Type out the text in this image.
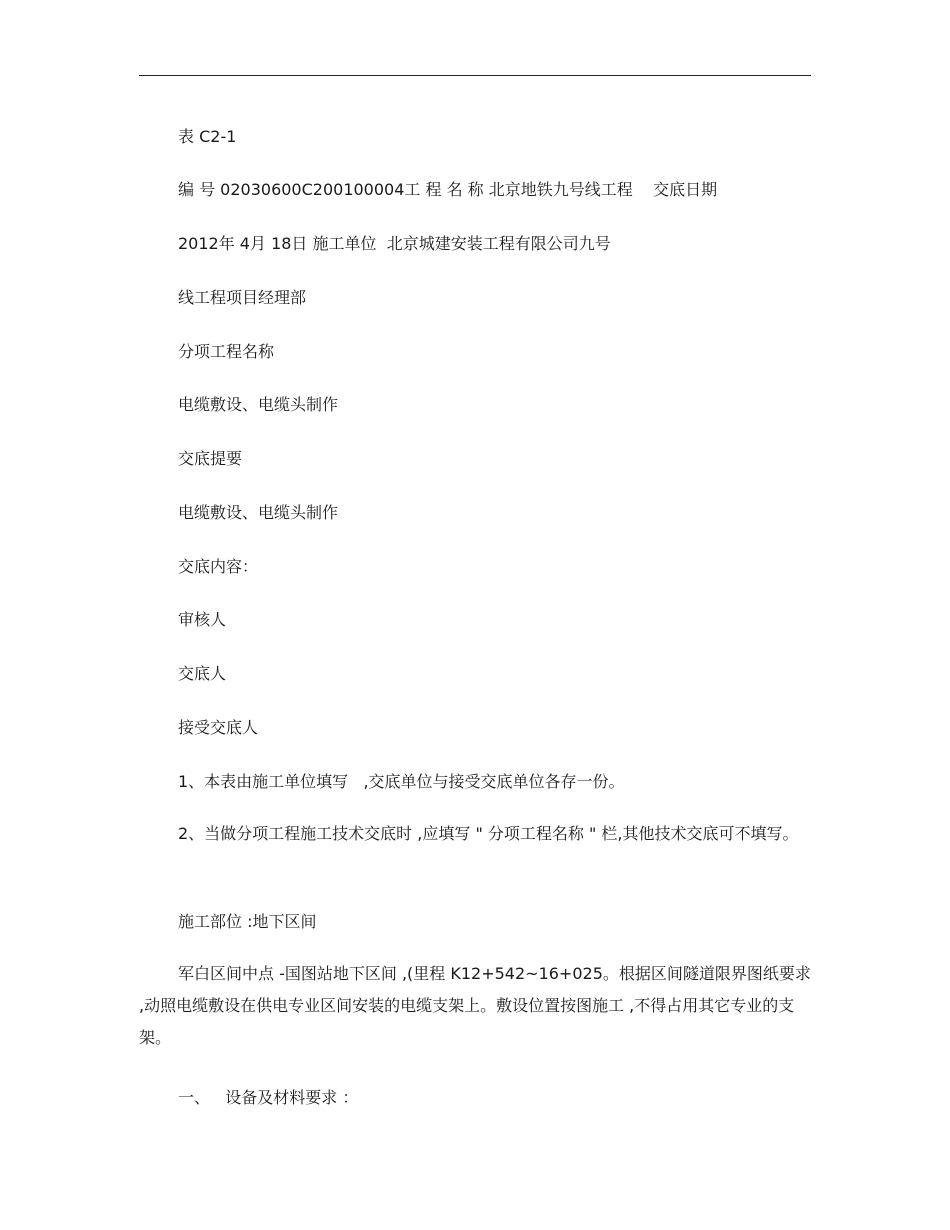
表 C2-1
编 号 02030600C200100004工 程 名 称 北京地铁九号线工程    交底日期
2012年 4月 18日 施工单位  北京城建安装工程有限公司九号
线工程项目经理部
分项工程名称
电缆敷设、电缆头制作
交底提要
电缆敷设、电缆头制作
交底内容：
审核人
交底人
接受交底人
1、本表由施工单位填写   ,交底单位与接受交底单位各存一份。

2、当做分项工程施工技术交底时 ,应填写 " 分项工程名称 " 栏,其他技术交底可不填写。

施工部位 :地下区间

军白区间中点 -国图站地下区间 ,(里程 K12+542~16+025。根据区间隧道限界图纸要求 ,动照电缆敷设在供电专业区间安装的电缆支架上。敷设位置按图施工 ,不得占用其它专业的支架。

一、   设备及材料要求 ：
